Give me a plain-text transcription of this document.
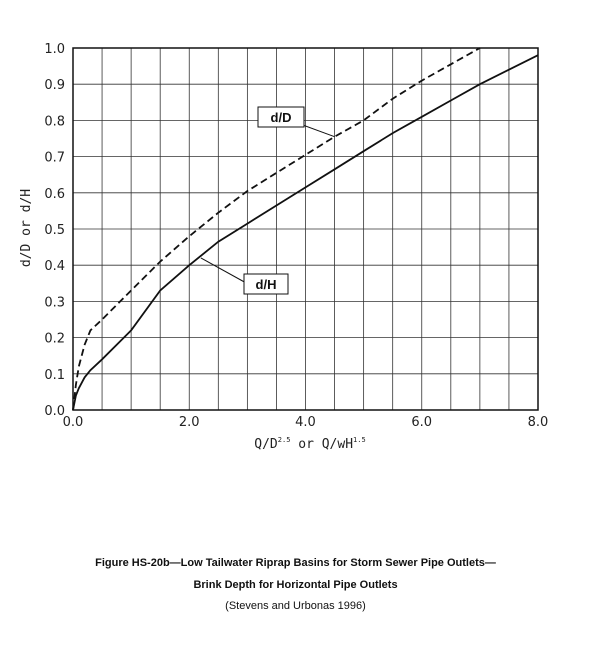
0.0	2.0	4.0	6.0	8.0
0.0
0.1
0.2
0.3
0.4
0.5
0.6
0.7
0.8
0.9
1.0
$Q/D^{2.5}$ or $Q/wH^{1.5}$
d/D or d/H
d/D
d/H
Figure HS-20b—Low Tailwater Riprap Basins for Storm Sewer Pipe Outlets—
Brink Depth for Horizontal Pipe Outlets
(Stevens and Urbonas 1996)
